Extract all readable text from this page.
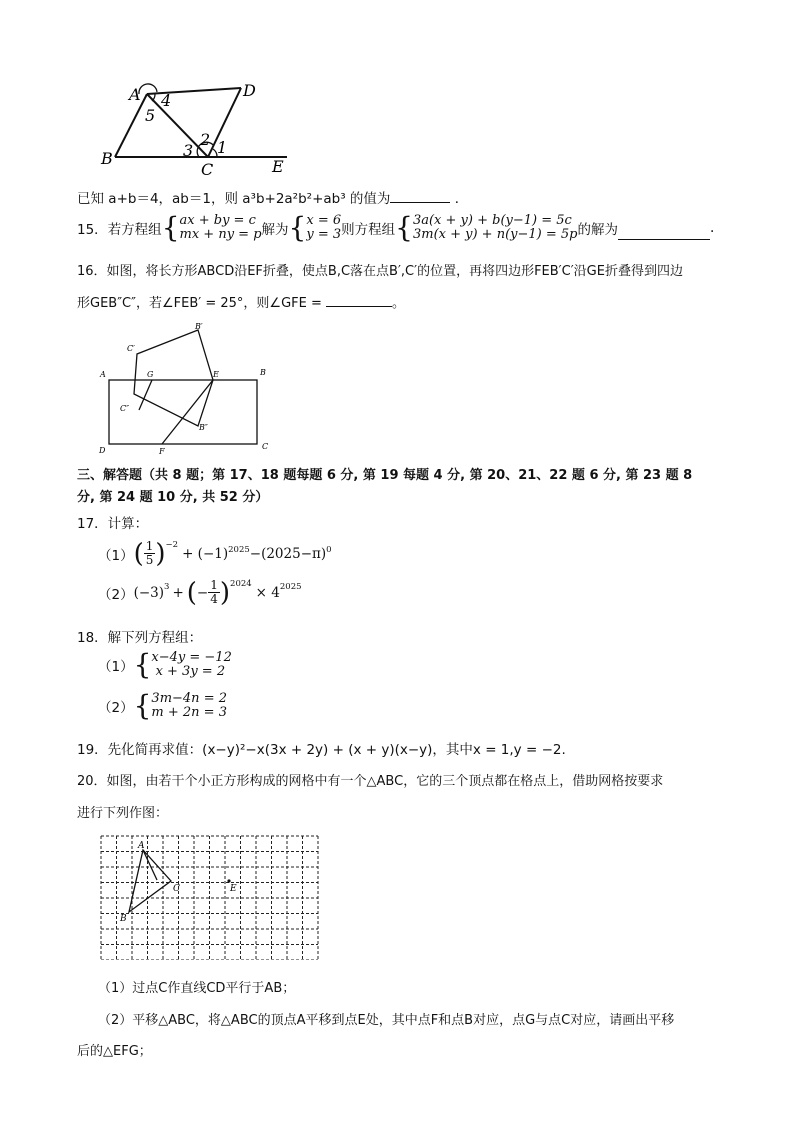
A	D
B
C	E
4
5
2
3 1
已知 a+b＝4，ab＝1，则 a³b+2a²b²+ab³ 的值为	．
15． 若方程组 { ax + by = c
mx + ny = p 解为 { x = 6
y = 3 则方程组 { 3a(x + y) + b(y−1) = 5c
3m(x + y) + n(y−1) = 5p 的解为	.
16．如图，将长方形ABCD沿EF折叠，使点B,C落在点B′,C′的位置，再将四边形FEB′C′沿GE折叠得到四边
形GEB″C″，若∠FEB′ = 25°，则∠GFE =	。
A	B
C
D
G	E
F
B′
C′
B″
C″
三、解答题（共 8 题；第 17、18 题每题 6 分, 第 19 每题 4 分, 第 20、21、22 题 6 分, 第 23 题 8
分, 第 24 题 10 分, 共 52 分）
17．计算：
（1） ( $\frac{1}{5} )^{-2}$
+ $(-1)^{2025} -(2025-\pi)^0$
（2） $(-3)^3$ + ( − $\frac{1}{4} )^{2024}$
× $4^{2025}$
18．解下列方程组：
（1） { x−4y = −12
x + 3y = 2
（2） { 3m−4n = 2
m + 2n = 3
19．先化简再求值：(x−y)²−x(3x + 2y) + (x + y)(x−y)，其中x = 1,y = −2.
20．如图，由若干个小正方形构成的网格中有一个△ABC，它的三个顶点都在格点上，借助网格按要求
进行下列作图：
A
B
C	E
（1）过点C作直线CD平行于AB；
（2）平移△ABC，将△ABC的顶点A平移到点E处，其中点F和点B对应，点G与点C对应，请画出平移
后的△EFG；
